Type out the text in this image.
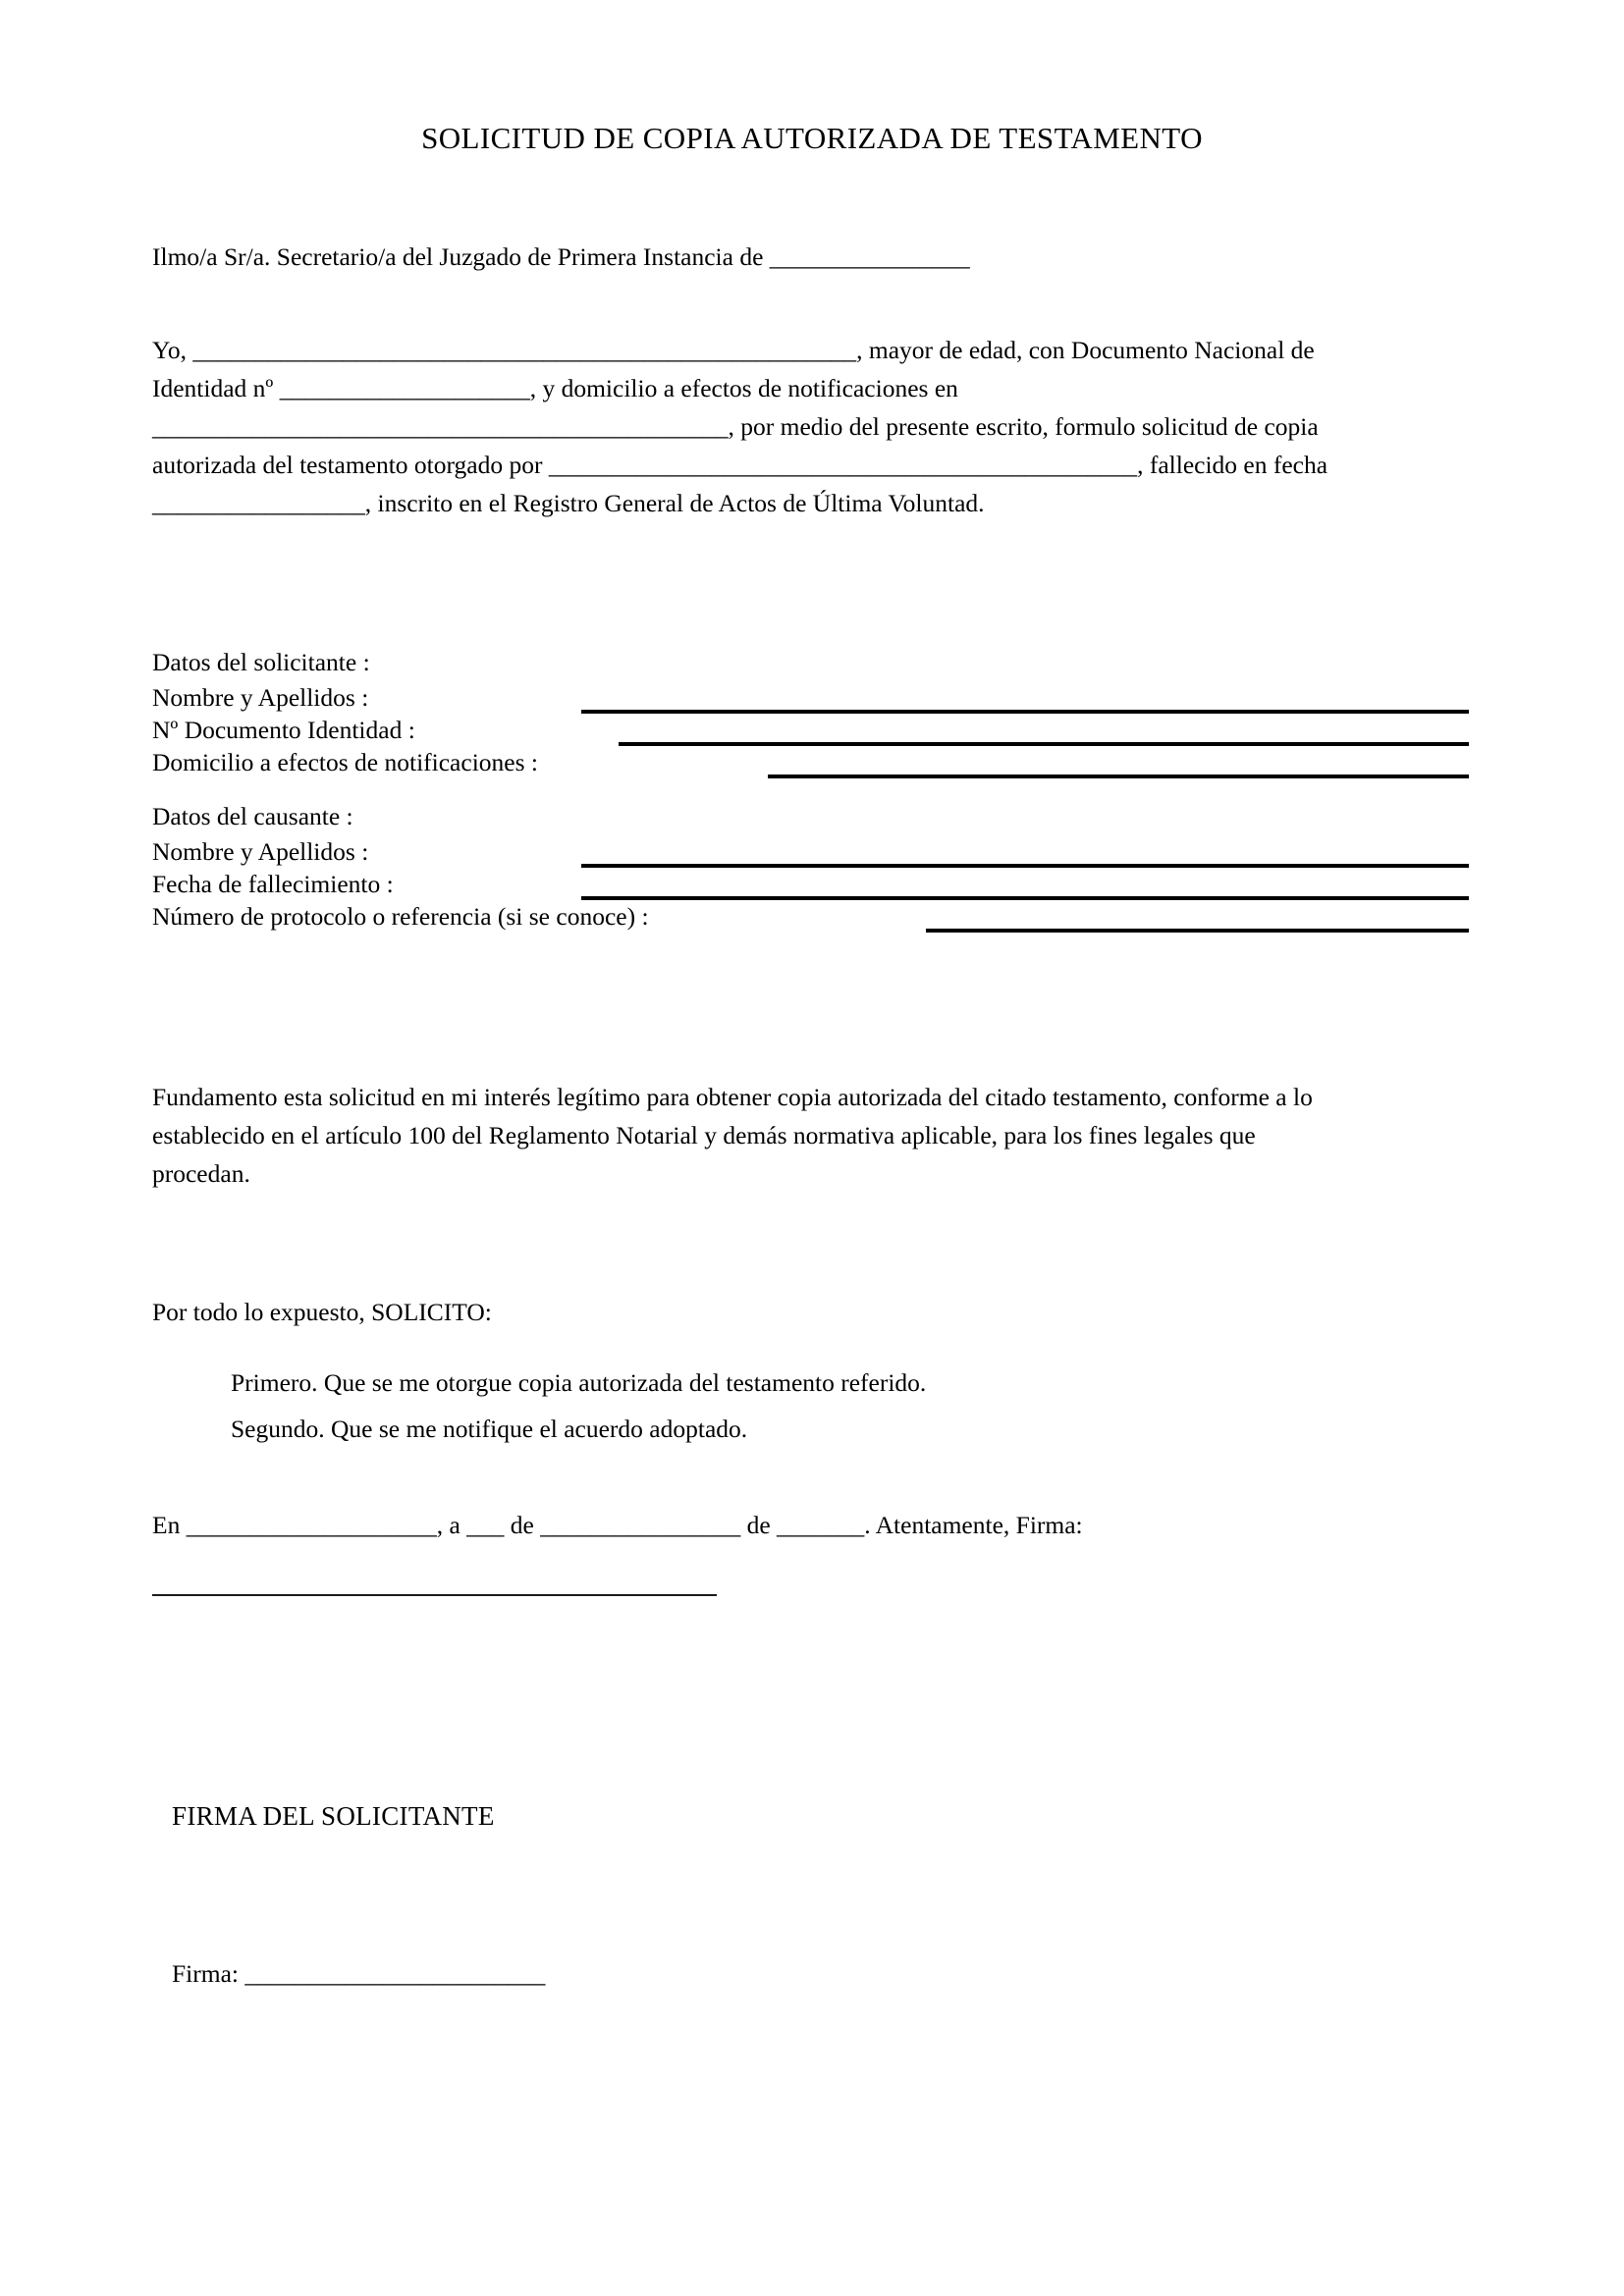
SOLICITUD DE COPIA AUTORIZADA DE TESTAMENTO
Ilmo/a Sr/a. Secretario/a del Juzgado de Primera Instancia de ________________

Yo, _____________________________________________________, mayor de edad, con Documento Nacional de

Identidad nº ____________________, y domicilio a efectos de notificaciones en

______________________________________________, por medio del presente escrito, formulo solicitud de copia

autorizada del testamento otorgado por _______________________________________________, fallecido en fecha

_________________, inscrito en el Registro General de Actos de Última Voluntad.

Datos del solicitante :
Nombre y Apellidos :
Nº Documento Identidad :
Domicilio a efectos de notificaciones :
Datos del causante :
Nombre y Apellidos :
Fecha de fallecimiento :
Número de protocolo o referencia (si se conoce) :

Fundamento esta solicitud en mi interés legítimo para obtener copia autorizada del citado testamento, conforme a lo

establecido en el artículo 100 del Reglamento Notarial y demás normativa aplicable, para los fines legales que

procedan.

Por todo lo expuesto, SOLICITO:
Primero. Que se me otorgue copia autorizada del testamento referido.
Segundo. Que se me notifique el acuerdo adoptado.

En ____________________, a ___ de ________________ de _______. Atentamente, Firma:

FIRMA DEL SOLICITANTE
Firma: ________________________
